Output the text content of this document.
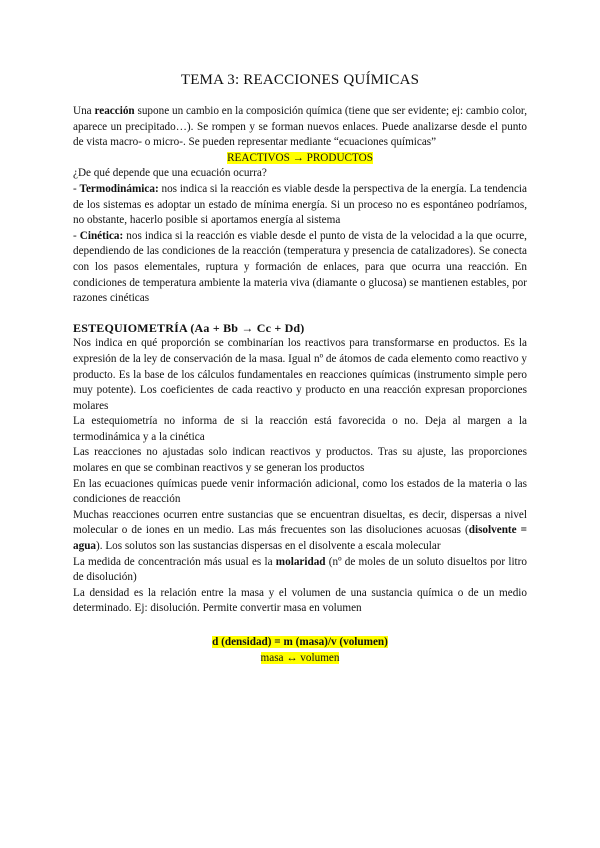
TEMA 3: REACCIONES QUÍMICAS

Una reacción supone un cambio en la composición química (tiene que ser evidente; ej: cambio color, aparece un precipitado…). Se rompen y se forman nuevos enlaces. Puede analizarse desde el punto de vista macro- o micro-. Se pueden representar mediante “ecuaciones químicas”

REACTIVOS → PRODUCTOS

¿De qué depende que una ecuación ocurra?

- Termodinámica: nos indica si la reacción es viable desde la perspectiva de la energía. La tendencia de los sistemas es adoptar un estado de mínima energía. Si un proceso no es espontáneo podríamos, no obstante, hacerlo posible si aportamos energía al sistema

- Cinética: nos indica si la reacción es viable desde el punto de vista de la velocidad a la que ocurre, dependiendo de las condiciones de la reacción (temperatura y presencia de catalizadores). Se conecta con los pasos elementales, ruptura y formación de enlaces, para que ocurra una reacción. En condiciones de temperatura ambiente la materia viva (diamante o glucosa) se mantienen estables, por razones cinéticas

ESTEQUIOMETRÍA (Aa + Bb → Cc + Dd)

Nos indica en qué proporción se combinarían los reactivos para transformarse en productos. Es la expresión de la ley de conservación de la masa. Igual nº de átomos de cada elemento como reactivo y producto. Es la base de los cálculos fundamentales en reacciones químicas (instrumento simple pero muy potente). Los coeficientes de cada reactivo y producto en una reacción expresan proporciones molares

La estequiometría no informa de si la reacción está favorecida o no. Deja al margen a la termodinámica y a la cinética

Las reacciones no ajustadas solo indican reactivos y productos. Tras su ajuste, las proporciones molares en que se combinan reactivos y se generan los productos

En las ecuaciones químicas puede venir información adicional, como los estados de la materia o las condiciones de reacción

Muchas reacciones ocurren entre sustancias que se encuentran disueltas, es decir, dispersas a nivel molecular o de iones en un medio. Las más frecuentes son las disoluciones acuosas (disolvente = agua). Los solutos son las sustancias dispersas en el disolvente a escala molecular

La medida de concentración más usual es la molaridad (nº de moles de un soluto disueltos por litro de disolución)

La densidad es la relación entre la masa y el volumen de una sustancia química o de un medio determinado. Ej: disolución. Permite convertir masa en volumen

d (densidad) = m (masa)/v (volumen)

masa ↔ volumen
